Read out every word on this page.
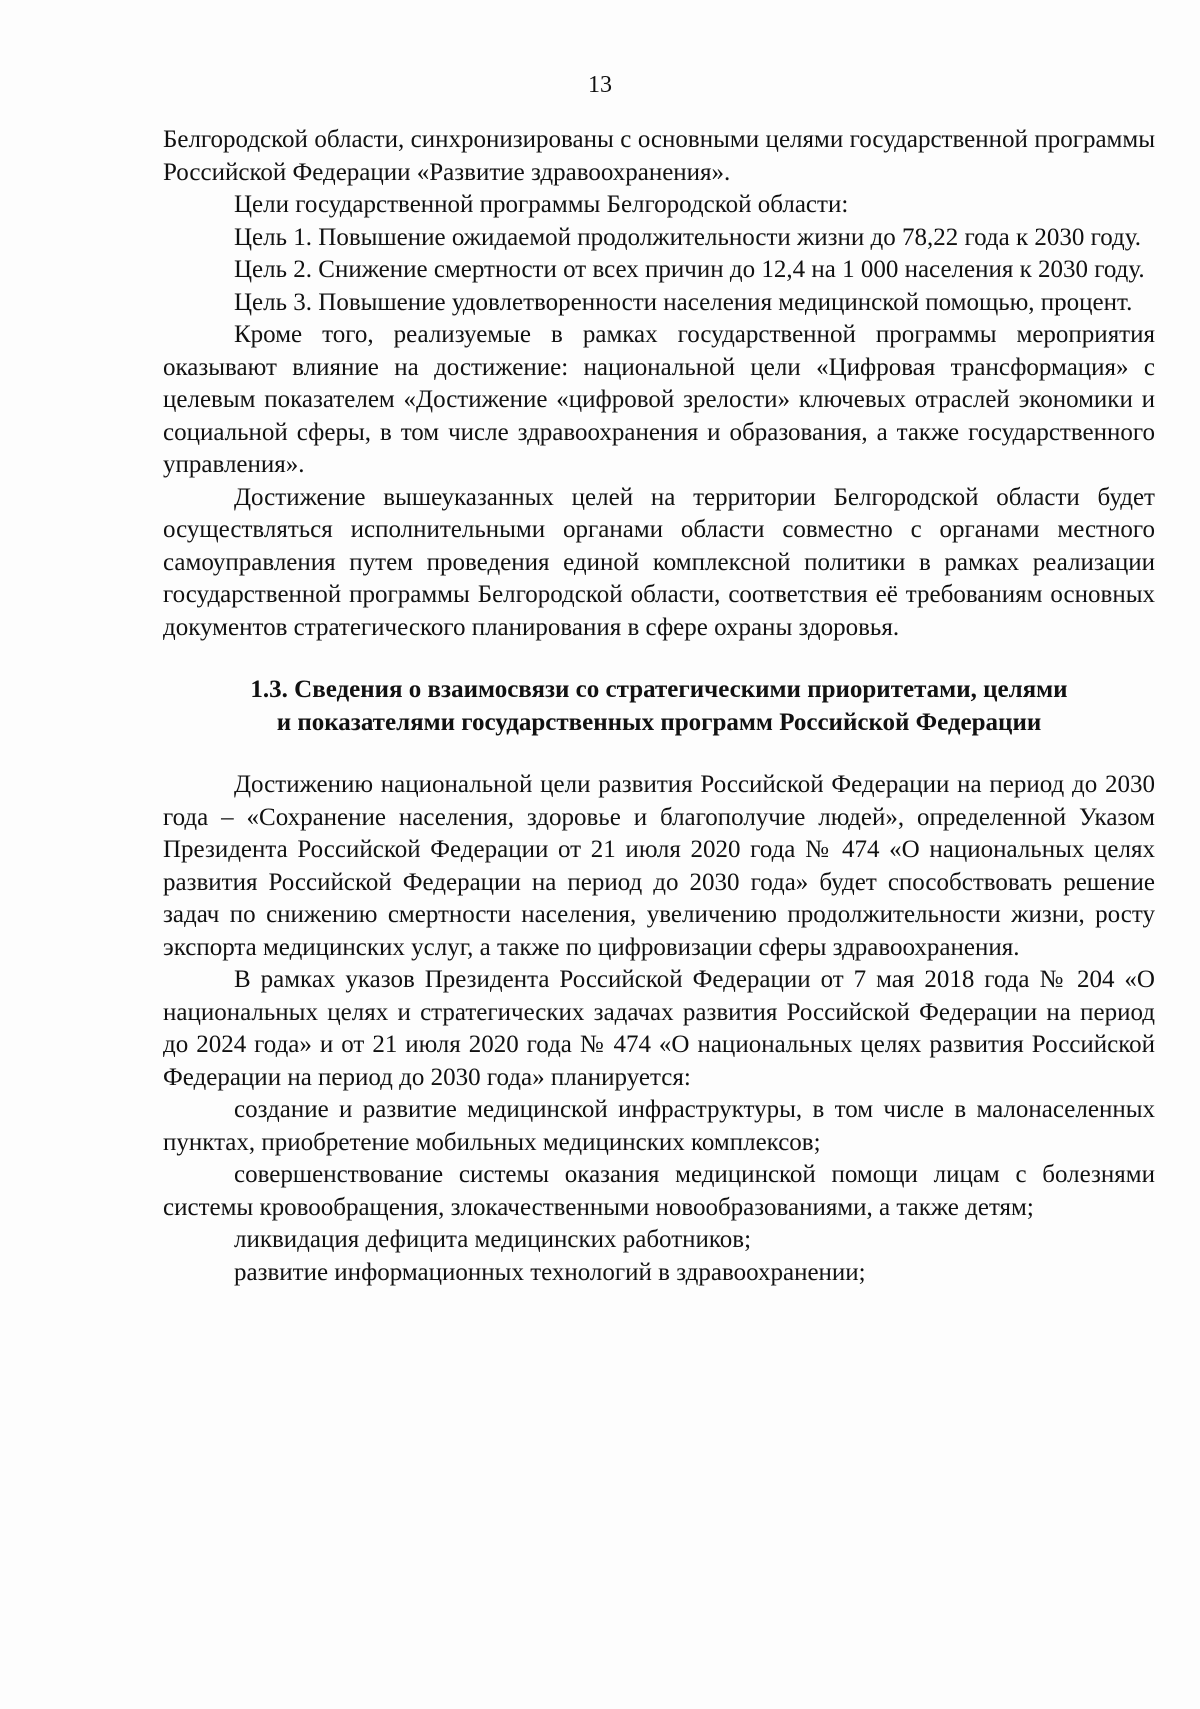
13

Белгородской области, синхронизированы с основными целями государственной программы Российской Федерации «Развитие здравоохранения».

Цели государственной программы Белгородской области:

Цель 1. Повышение ожидаемой продолжительности жизни до 78,22 года к 2030 году.

Цель 2. Снижение смертности от всех причин до 12,4 на 1 000 населения к 2030 году.

Цель 3. Повышение удовлетворенности населения медицинской помощью, процент.

Кроме того, реализуемые в рамках государственной программы мероприятия оказывают влияние на достижение: национальной цели «Цифровая трансформация» с целевым показателем «Достижение «цифровой зрелости» ключевых отраслей экономики и социальной сферы, в том числе здравоохранения и образования, а также государственного управления».

Достижение вышеуказанных целей на территории Белгородской области будет осуществляться исполнительными органами области совместно с органами местного самоуправления путем проведения единой комплексной политики в рамках реализации государственной программы Белгородской области, соответствия её требованиям основных документов стратегического планирования в сфере охраны здоровья.

1.3. Сведения о взаимосвязи со стратегическими приоритетами, целями
и показателями государственных программ Российской Федерации

Достижению национальной цели развития Российской Федерации на период до 2030 года – «Сохранение населения, здоровье и благополучие людей», определенной Указом Президента Российской Федерации от 21 июля 2020 года № 474 «О национальных целях развития Российской Федерации на период до 2030 года» будет способствовать решение задач по снижению смертности населения, увеличению продолжительности жизни, росту экспорта медицинских услуг, а также по цифровизации сферы здравоохранения.

В рамках указов Президента Российской Федерации от 7 мая 2018 года № 204 «О национальных целях и стратегических задачах развития Российской Федерации на период до 2024 года» и от 21 июля 2020 года № 474 «О национальных целях развития Российской Федерации на период до 2030 года» планируется:

создание и развитие медицинской инфраструктуры, в том числе в малонаселенных пунктах, приобретение мобильных медицинских комплексов;

совершенствование системы оказания медицинской помощи лицам с болезнями системы кровообращения, злокачественными новообразованиями, а также детям;

ликвидация дефицита медицинских работников;

развитие информационных технологий в здравоохранении;
